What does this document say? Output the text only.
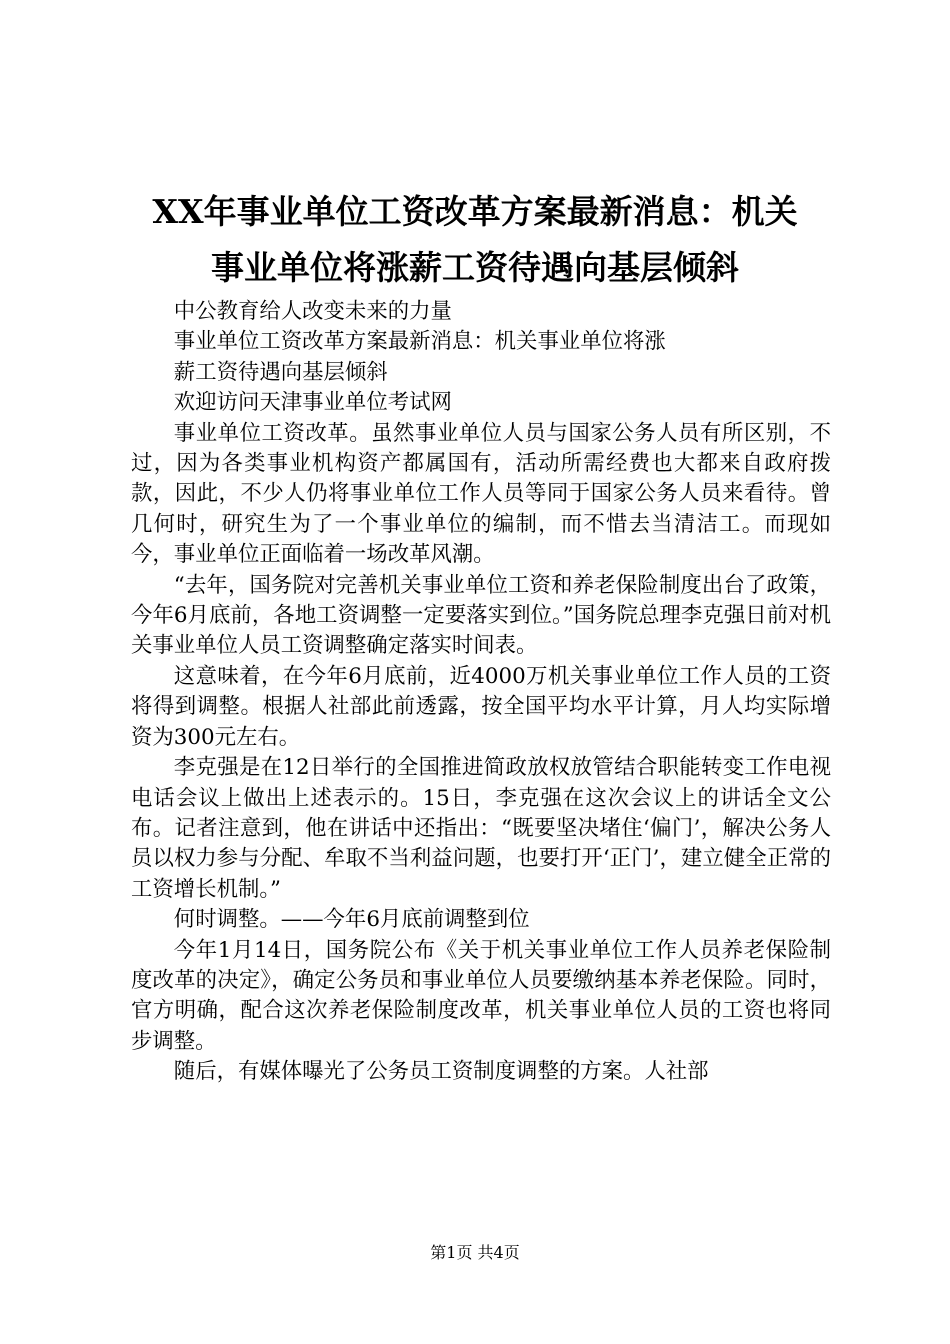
XX年事业单位工资改革方案最新消息：机关
事业单位将涨薪工资待遇向基层倾斜

中公教育给人改变未来的力量

事业单位工资改革方案最新消息：机关事业单位将涨

薪工资待遇向基层倾斜

欢迎访问天津事业单位考试网

事业单位工资改革。虽然事业单位人员与国家公务人员有所区别，不过，因为各类事业机构资产都属国有，活动所需经费也大都来自政府拨款，因此，不少人仍将事业单位工作人员等同于国家公务人员来看待。曾几何时，研究生为了一个事业单位的编制，而不惜去当清洁工。而现如今，事业单位正面临着一场改革风潮。

“去年，国务院对完善机关事业单位工资和养老保险制度出台了政策，今年6月底前，各地工资调整一定要落实到位。”国务院总理李克强日前对机关事业单位人员工资调整确定落实时间表。

这意味着，在今年6月底前，近4000万机关事业单位工作人员的工资将得到调整。根据人社部此前透露，按全国平均水平计算，月人均实际增资为300元左右。

李克强是在12日举行的全国推进简政放权放管结合职能转变工作电视电话会议上做出上述表示的。15日，李克强在这次会议上的讲话全文公布。记者注意到，他在讲话中还指出：“既要坚决堵住‘偏门’，解决公务人员以权力参与分配、牟取不当利益问题，也要打开‘正门’，建立健全正常的工资增长机制。”

何时调整。——今年6月底前调整到位

今年1月14日，国务院公布《关于机关事业单位工作人员养老保险制度改革的决定》，确定公务员和事业单位人员要缴纳基本养老保险。同时，官方明确，配合这次养老保险制度改革，机关事业单位人员的工资也将同步调整。

随后，有媒体曝光了公务员工资制度调整的方案。人社部

第1页 共4页
